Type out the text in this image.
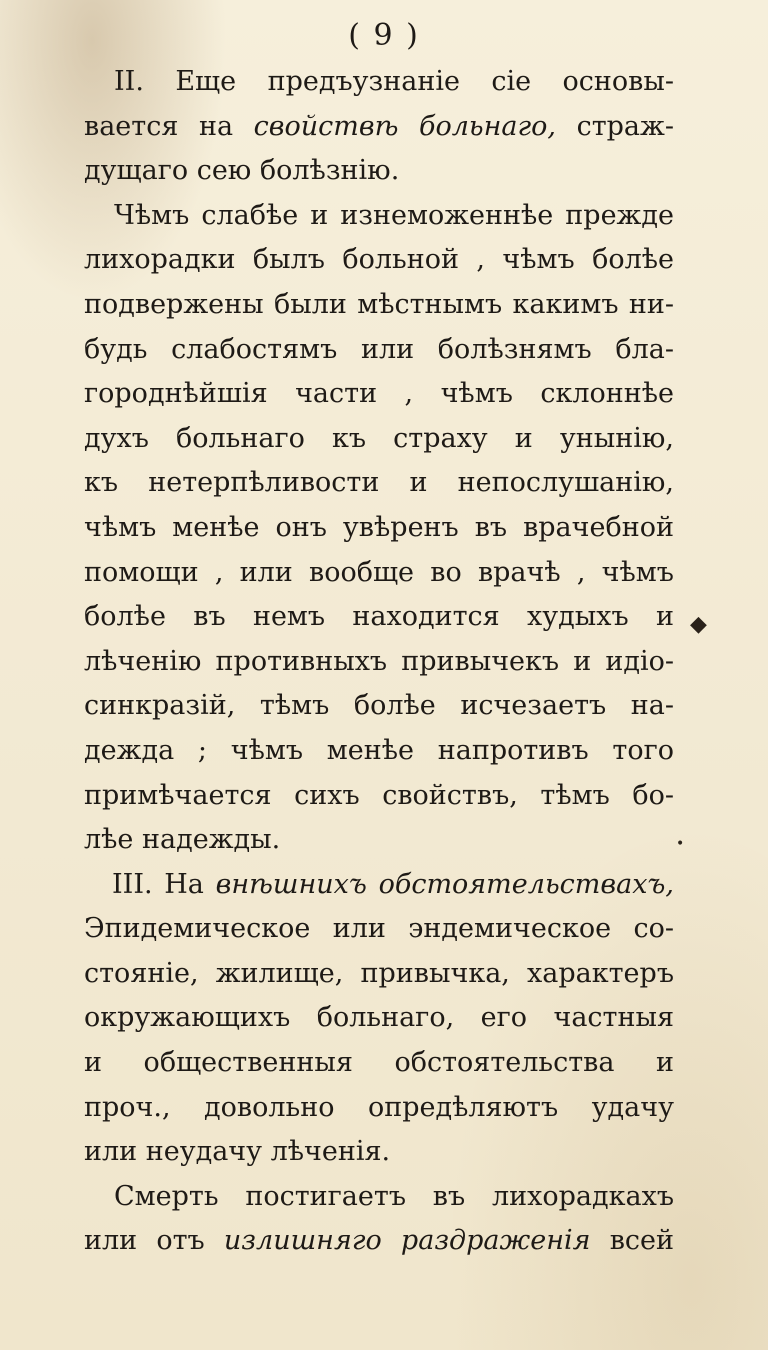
( 9 )
II. Еще предъузнанie сie основы-
вается на свойствѣ больнаго, страж-
дущаго сею болѣзнiю.
Чѣмъ слабѣе и изнеможеннѣе прежде
лихорадки былъ больной , чѣмъ болѣе
подвержены были мѣстнымъ какимъ ни-
будь слабостямъ или болѣзнямъ бла-
городнѣйшiя части , чѣмъ склоннѣе
духъ больнаго къ страху и унынiю,
къ нетерпѣливости и непослушанiю,
чѣмъ менѣе онъ увѣренъ въ врачебной
помощи , или вообще во врачѣ , чѣмъ
болѣе въ немъ находится худыхъ и
лѣченiю противныхъ привычекъ и идiо-
синкразiй, тѣмъ болѣе исчезаетъ на-
дежда ; чѣмъ менѣе напротивъ того
примѣчается сихъ свойствъ, тѣмъ бо-
лѣе надежды.
III. На внѣшнихъ обстоятельствахъ,
Эпидемическое или эндемическое со-
стоянiе, жилище, привычка, характеръ
окружающихъ больнаго, его частныя
и общественныя обстоятельства и
проч., довольно опредѣляютъ удачу
или неудачу лѣченiя.
Смерть постигаетъ въ лихорадкахъ
или отъ излишняго раздраженiя всей
◆
•
